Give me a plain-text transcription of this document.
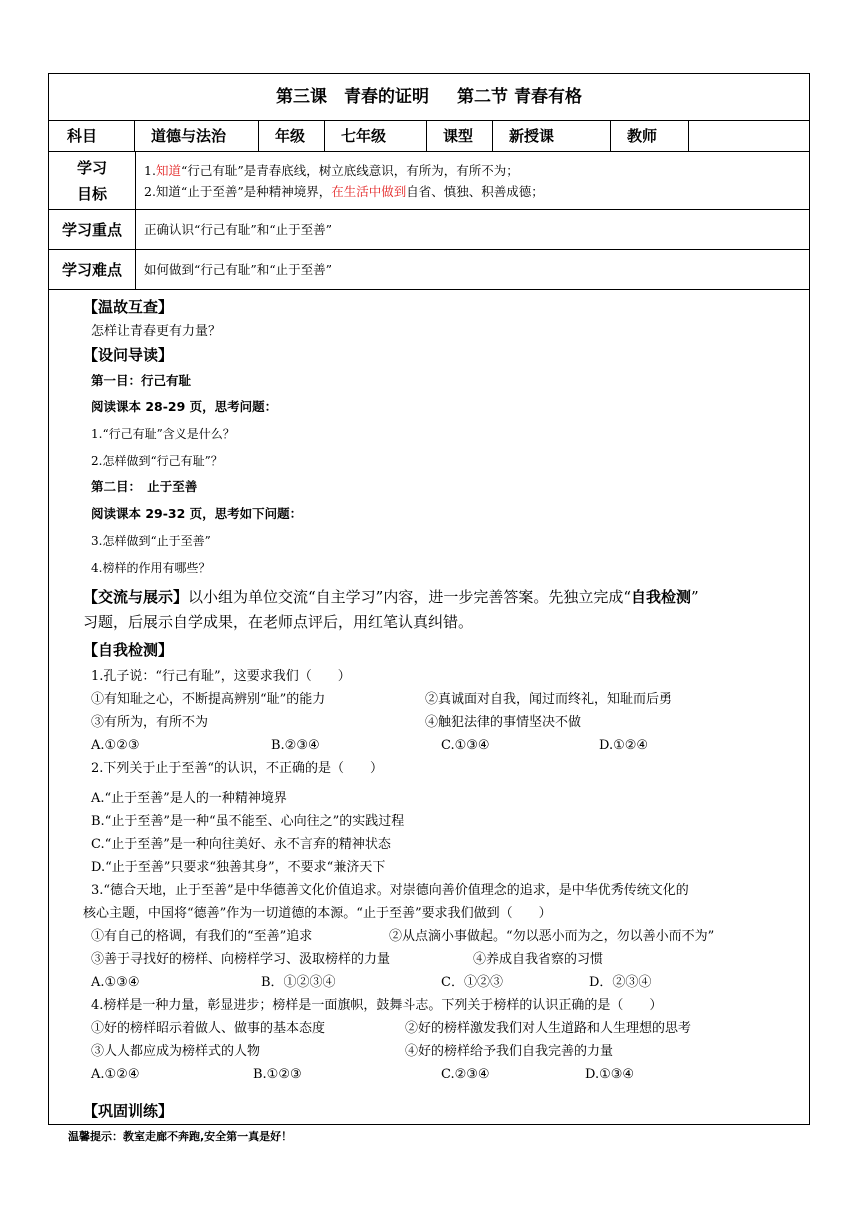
第三课　青春的证明 第二节 青春有格
科目	道德与法治	年级	七年级	课型	新授课	教师
学习
目标
1.知道“行己有耻”是青春底线，树立底线意识，有所为，有所不为；
2.知道“止于至善”是种精神境界，在生活中做到自省、慎独、积善成德；
学习重点	正确认识“行己有耻”和“止于至善”
学习难点	如何做到“行己有耻”和“止于至善”
【温故互查】
怎样让青春更有力量？
【设问导读】
第一目：行己有耻
阅读课本 28-29 页，思考问题：
1.“行己有耻”含义是什么？
2.怎样做到“行己有耻”？
第二目：　止于至善
阅读课本 29-32 页，思考如下问题：
3.怎样做到“止于至善”
4.榜样的作用有哪些？
【交流与展示】以小组为单位交流“自主学习”内容，进一步完善答案。先独立完成“自我检测”
习题，后展示自学成果，在老师点评后，用红笔认真纠错。
【自我检测】
1.孔子说：“行己有耻”，这要求我们（　　）
①有知耻之心，不断提高辨别“耻”的能力	②真诚面对自我，闻过而终礼，知耻而后勇
③有所为，有所不为	④触犯法律的事情坚决不做
A.①②③	B.②③④	C.①③④	D.①②④
2.下列关于止于至善“的认识，不正确的是（　　）
A.“止于至善”是人的一种精神境界
B.“止于至善”是一种“虽不能至、心向往之”的实践过程
C.“止于至善”是一种向往美好、永不言弃的精神状态
D.“止于至善”只要求“独善其身”，不要求“兼济天下
3.“德合天地，止于至善”是中华德善文化价值追求。对崇德向善价值理念的追求，是中华优秀传统文化的
核心主题，中国将“德善”作为一切道德的本源。“止于至善”要求我们做到（　　）
①有自己的格调，有我们的“至善”追求	②从点滴小事做起。“勿以恶小而为之，勿以善小而不为”
③善于寻找好的榜样、向榜样学习、汲取榜样的力量	④养成自我省察的习惯
A.①③④	B．①②③④	C．①②③	D．②③④
4.榜样是一种力量，彰显进步；榜样是一面旗帜，鼓舞斗志。下列关于榜样的认识正确的是（　　）
①好的榜样昭示着做人、做事的基本态度	②好的榜样激发我们对人生道路和人生理想的思考
③人人都应成为榜样式的人物	④好的榜样给予我们自我完善的力量
A.①②④	B.①②③	C.②③④	D.①③④
【巩固训练】
温馨提示：教室走廊不奔跑,安全第一真是好！
